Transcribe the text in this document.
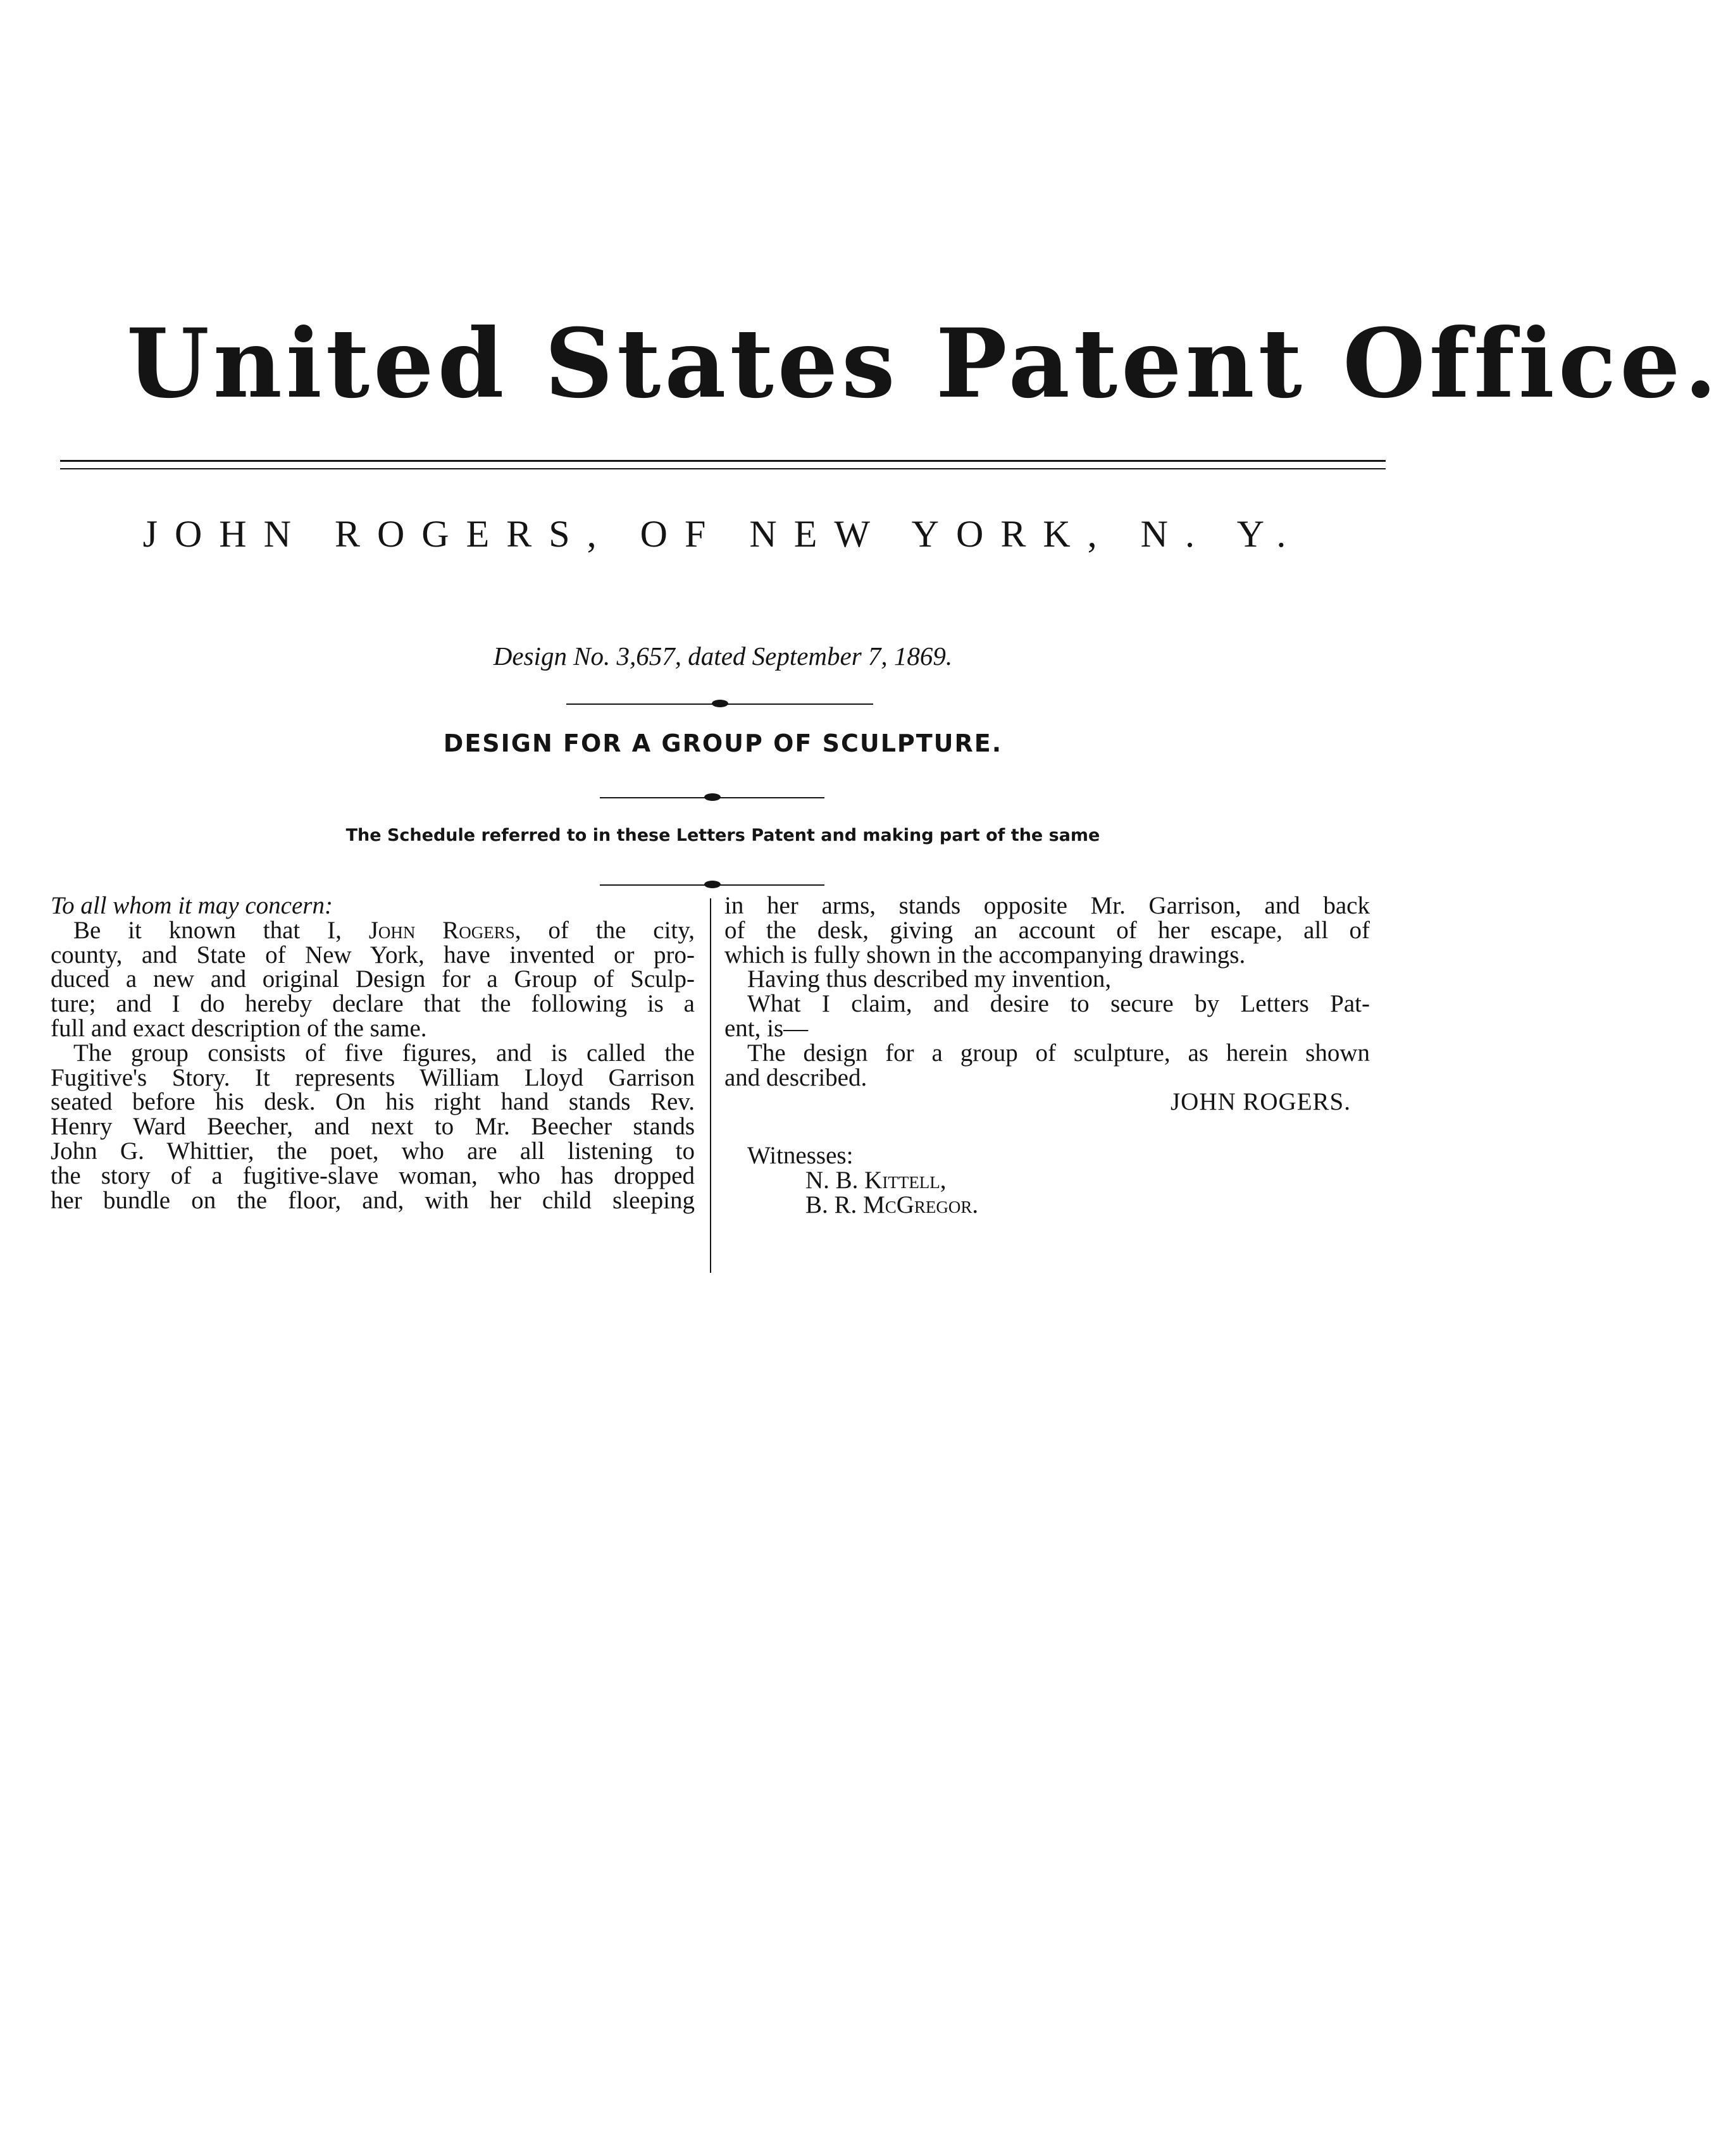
United States Patent Office.
JOHN ROGERS, OF NEW YORK, N. Y.
Design No. 3,657, dated September 7, 1869.
DESIGN FOR A GROUP OF SCULPTURE.
The Schedule referred to in these Letters Patent and making part of the same
To all whom it may concern:
Be it known that I, John Rogers, of the city,
county, and State of New York, have invented or pro-
duced a new and original Design for a Group of Sculp-
ture; and I do hereby declare that the following is a
full and exact description of the same.
The group consists of five figures, and is called the
Fugitive's Story. It represents William Lloyd Garrison
seated before his desk. On his right hand stands Rev.
Henry Ward Beecher, and next to Mr. Beecher stands
John G. Whittier, the poet, who are all listening to
the story of a fugitive-slave woman, who has dropped
her bundle on the floor, and, with her child sleeping
in her arms, stands opposite Mr. Garrison, and back
of the desk, giving an account of her escape, all of
which is fully shown in the accompanying drawings.
Having thus described my invention,
What I claim, and desire to secure by Letters Pat-
ent, is—
The design for a group of sculpture, as herein shown
and described.
JOHN ROGERS.
Witnesses:
N. B. Kittell,
B. R. McGregor.
